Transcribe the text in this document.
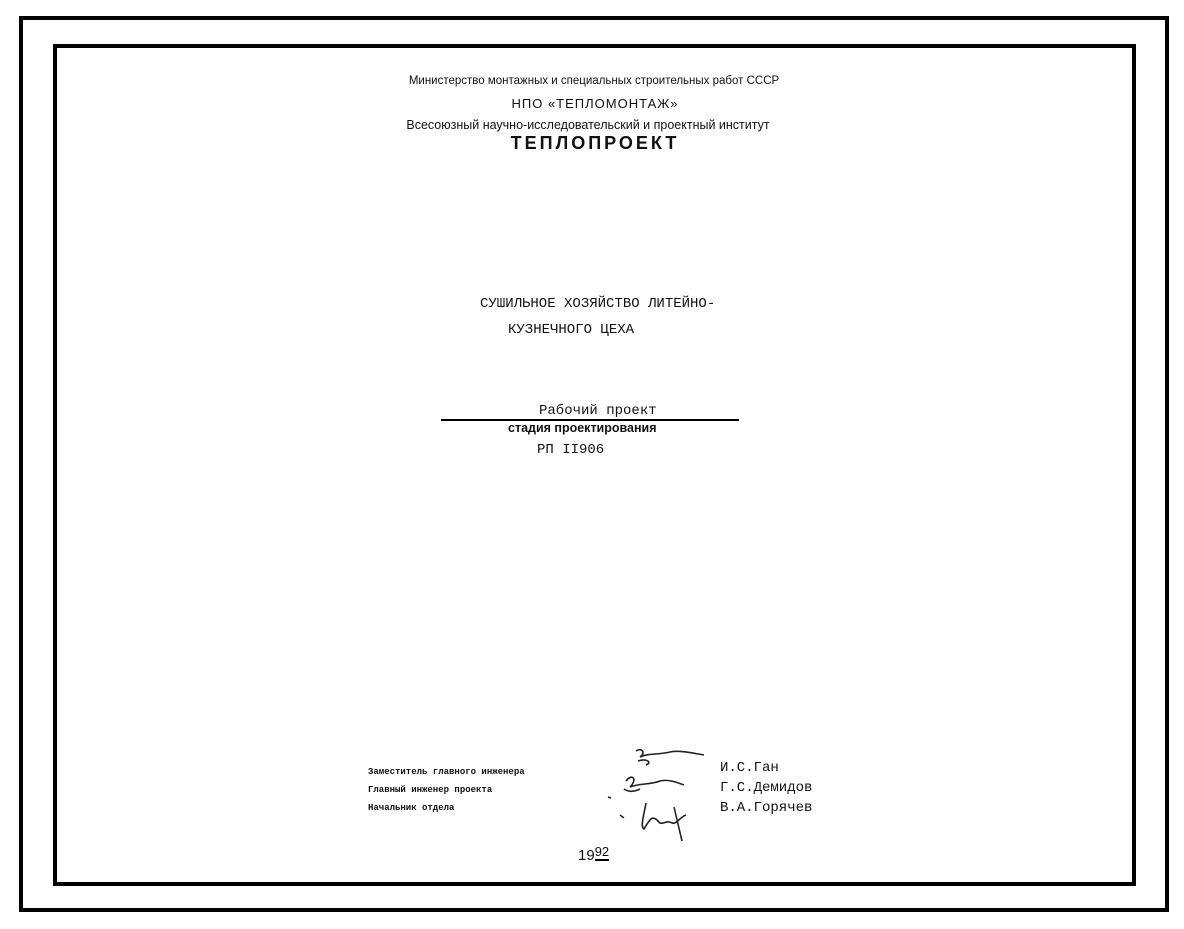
Министерство монтажных и специальных строительных работ СССР
НПО «ТЕПЛОМОНТАЖ»
Всесоюзный научно-исследовательский и проектный институт
ТЕПЛОПРОЕКТ
СУШИЛЬНОЕ ХОЗЯЙСТВО ЛИТЕЙНО-
КУЗНЕЧНОГО ЦЕХА
Рабочий проект
стадия проектирования
РП II906
Заместитель главного инженера
Главный инженер проекта
Начальник отдела
И.С.Ган
Г.С.Демидов
В.А.Горячев
1992
